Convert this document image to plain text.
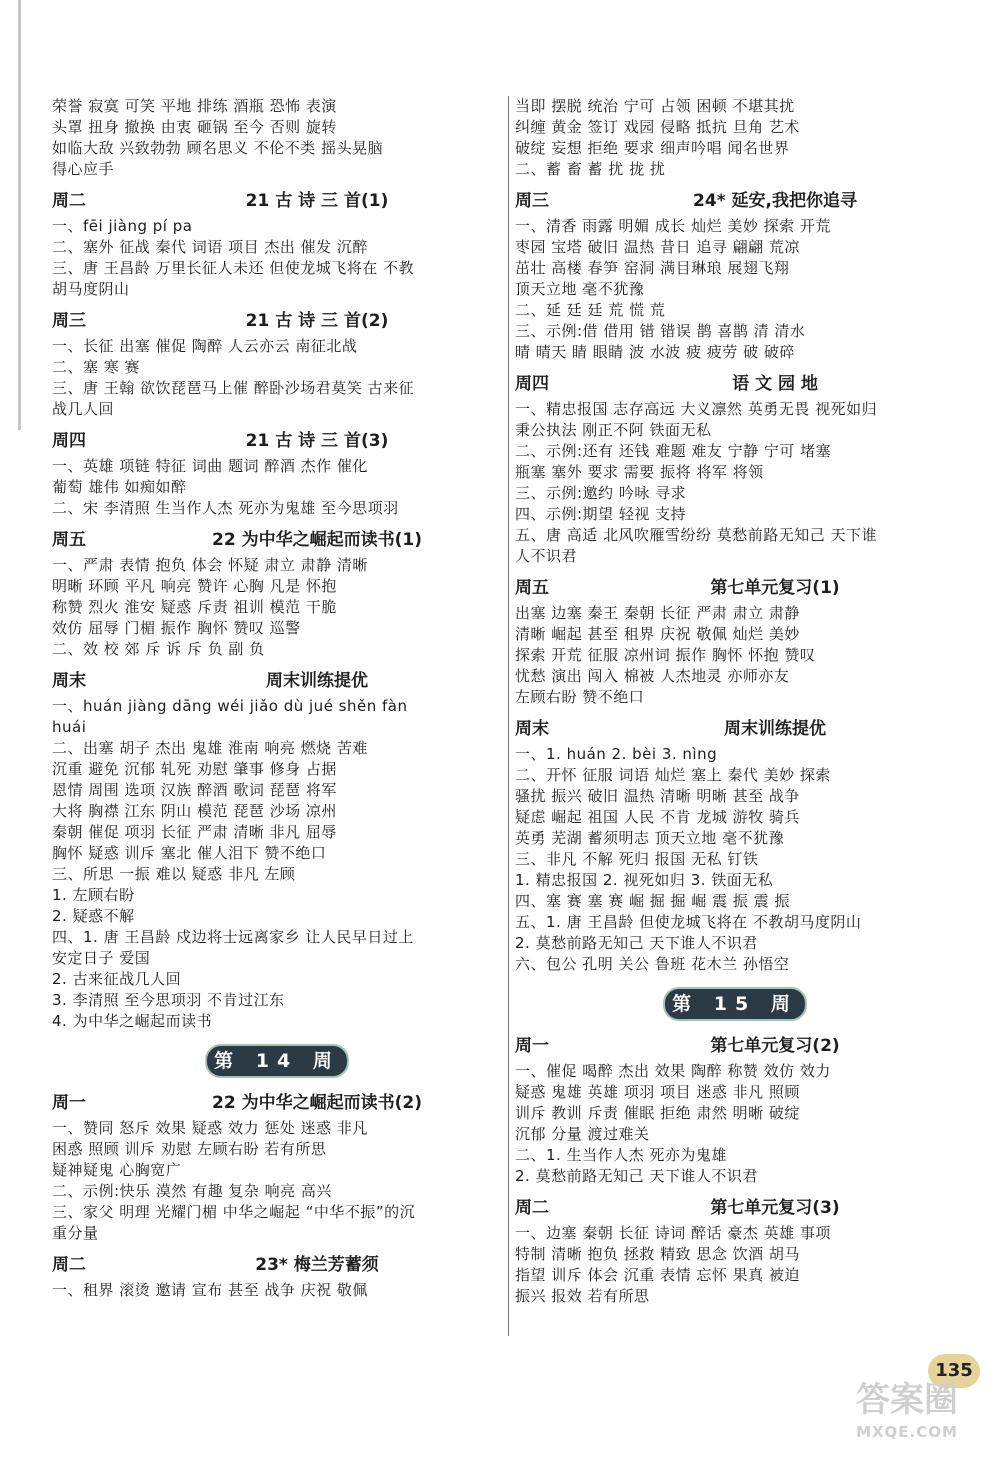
荣誉 寂寞 可笑 平地 排练 酒瓶 恐怖 表演
头罩 扭身 撤换 由衷 砸锅 至今 否则 旋转
如临大敌 兴致勃勃 顾名思义 不伦不类 摇头晃脑
得心应手
周二	21 古 诗 三 首(1)
一、fēi jiàng pí pa
二、塞外 征战 秦代 词语 项目 杰出 催发 沉醉
三、唐 王昌龄 万里长征人未还 但使龙城飞将在 不教
胡马度阴山
周三	21 古 诗 三 首(2)
一、长征 出塞 催促 陶醉 人云亦云 南征北战
二、塞 寒 赛
三、唐 王翰 欲饮琵琶马上催 醉卧沙场君莫笑 古来征
战几人回
周四	21 古 诗 三 首(3)
一、英雄 项链 特征 词曲 题词 醉酒 杰作 催化
葡萄 雄伟 如痴如醉
二、宋 李清照 生当作人杰 死亦为鬼雄 至今思项羽
周五	22 为中华之崛起而读书(1)
一、严肃 表情 抱负 体会 怀疑 肃立 肃静 清晰
明晰 环顾 平凡 响亮 赞许 心胸 凡是 怀抱
称赞 烈火 淮安 疑惑 斥责 祖训 模范 干脆
效仿 屈辱 门楣 振作 胸怀 赞叹 巡警
二、效 校 郊 斥 诉 斥 负 副 负
周末	周末训练提优
一、huán jiàng dāng wéi jiǎo dù jué shěn fàn
huái
二、出塞 胡子 杰出 鬼雄 淮南 响亮 燃烧 苦难
沉重 避免 沉郁 轧死 劝慰 肇事 修身 占据
恩情 周围 选项 汉族 醉酒 歌词 琵琶 将军
大将 胸襟 江东 阴山 模范 琵琶 沙场 凉州
秦朝 催促 项羽 长征 严肃 清晰 非凡 屈辱
胸怀 疑惑 训斥 塞北 催人泪下 赞不绝口
三、所思 一振 难以 疑惑 非凡 左顾
1. 左顾右盼
2. 疑惑不解
四、1. 唐 王昌龄 戍边将士远离家乡 让人民早日过上
安定日子 爱国
2. 古来征战几人回
3. 李清照 至今思项羽 不肯过江东
4. 为中华之崛起而读书
第 14 周
周一	22 为中华之崛起而读书(2)
一、赞同 怒斥 效果 疑惑 效力 惩处 迷惑 非凡
困惑 照顾 训斥 劝慰 左顾右盼 若有所思
疑神疑鬼 心胸宽广
二、示例:快乐 漠然 有趣 复杂 响亮 高兴
三、家父 明理 光耀门楣 中华之崛起 “中华不振”的沉
重分量
周二	23* 梅兰芳蓄须
一、租界 滚烫 邀请 宣布 甚至 战争 庆祝 敬佩
当即 摆脱 统治 宁可 占领 困顿 不堪其扰
纠缠 黄金 签订 戏园 侵略 抵抗 旦角 艺术
破绽 妄想 拒绝 要求 细声吟唱 闻名世界
二、蓄 畜 蓄 扰 拢 扰
周三	24* 延安,我把你追寻
一、清香 雨露 明媚 成长 灿烂 美妙 探索 开荒
枣园 宝塔 破旧 温热 昔日 追寻 翩翩 荒凉
茁壮 高楼 春笋 窑洞 满目琳琅 展翅飞翔
顶天立地 毫不犹豫
二、延 廷 廷 荒 慌 荒
三、示例:借 借用 错 错误 鹊 喜鹊 清 清水
晴 晴天 睛 眼睛 波 水波 疲 疲劳 破 破碎
周四	语 文 园 地
一、精忠报国 志存高远 大义凛然 英勇无畏 视死如归
秉公执法 刚正不阿 铁面无私
二、示例:还有 还钱 难题 难友 宁静 宁可 堵塞
瓶塞 塞外 要求 需要 振将 将军 将领
三、示例:邀约 吟咏 寻求
四、示例:期望 轻视 支持
五、唐 高适 北风吹雁雪纷纷 莫愁前路无知己 天下谁
人不识君
周五	第七单元复习(1)
出塞 边塞 秦王 秦朝 长征 严肃 肃立 肃静
清晰 崛起 甚至 租界 庆祝 敬佩 灿烂 美妙
探索 开荒 征服 凉州词 振作 胸怀 怀抱 赞叹
忧愁 演出 闯入 棉被 人杰地灵 亦师亦友
左顾右盼 赞不绝口
周末	周末训练提优
一、1. huán 2. bèi 3. nìng
二、开怀 征服 词语 灿烂 塞上 秦代 美妙 探索
骚扰 振兴 破旧 温热 清晰 明晰 甚至 战争
疑虑 崛起 祖国 人民 不肯 龙城 游牧 骑兵
英勇 芜湖 蓄须明志 顶天立地 毫不犹豫
三、非凡 不解 死归 报国 无私 钉铁
1. 精忠报国 2. 视死如归 3. 铁面无私
四、塞 赛 塞 赛 崛 掘 掘 崛 震 振 震 振
五、1. 唐 王昌龄 但使龙城飞将在 不教胡马度阴山
2. 莫愁前路无知己 天下谁人不识君
六、包公 孔明 关公 鲁班 花木兰 孙悟空
第 15 周
周一	第七单元复习(2)
一、催促 喝醉 杰出 效果 陶醉 称赞 效仿 效力
疑惑 鬼雄 英雄 项羽 项目 迷惑 非凡 照顾
训斥 教训 斥责 催眠 拒绝 肃然 明晰 破绽
沉郁 分量 渡过难关
二、1. 生当作人杰 死亦为鬼雄
2. 莫愁前路无知己 天下谁人不识君
周二	第七单元复习(3)
一、边塞 秦朝 长征 诗词 醉话 豪杰 英雄 事项
特制 清晰 抱负 拯救 精致 思念 饮酒 胡马
指望 训斥 体会 沉重 表情 忘怀 果真 被迫
振兴 报效 若有所思
135
答案圈
MXQE.COM
